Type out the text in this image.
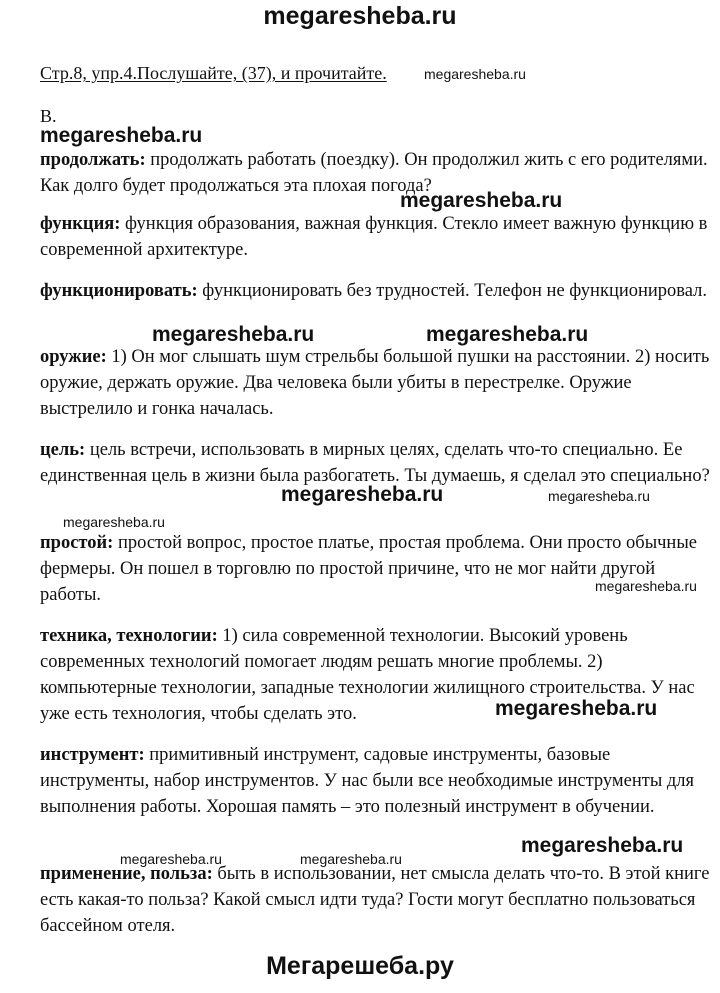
megaresheba.ru
Стр.8, упр.4.Послушайте, (37), и прочитайте.
B.
продолжать: продолжать работать (поездку). Он продолжил жить с его родителями. Как долго будет продолжаться эта плохая погода?
функция: функция образования, важная функция. Стекло имеет важную функцию в современной архитектуре.
функционировать: функционировать без трудностей. Телефон не функционировал.
оружие: 1) Он мог слышать шум стрельбы большой пушки на расстоянии. 2) носить оружие, держать оружие. Два человека были убиты в перестрелке. Оружие выстрелило и гонка началась.
цель: цель встречи, использовать в мирных целях, сделать что-то специально. Ее единственная цель в жизни была разбогатеть. Ты думаешь, я сделал это специально?
простой: простой вопрос, простое платье, простая проблема. Они просто обычные фермеры. Он пошел в торговлю по простой причине, что не мог найти другой работы.
техника, технологии: 1) сила современной технологии. Высокий уровень современных технологий помогает людям решать многие проблемы. 2) компьютерные технологии, западные технологии жилищного строительства. У нас уже есть технология, чтобы сделать это.
инструмент: примитивный инструмент, садовые инструменты, базовые инструменты, набор инструментов. У нас были все необходимые инструменты для выполнения работы. Хорошая память – это полезный инструмент в обучении.
применение, польза: быть в использовании, нет смысла делать что-то. В этой книге есть какая-то польза? Какой смысл идти туда? Гости могут бесплатно пользоваться бассейном отеля.
megaresheba.ru
megaresheba.ru
megaresheba.ru
megaresheba.ru	megaresheba.ru
megaresheba.ru	megaresheba.ru
megaresheba.ru
megaresheba.ru
megaresheba.ru
megaresheba.ru
megaresheba.ru	megaresheba.ru
Мегарешеба.ру
